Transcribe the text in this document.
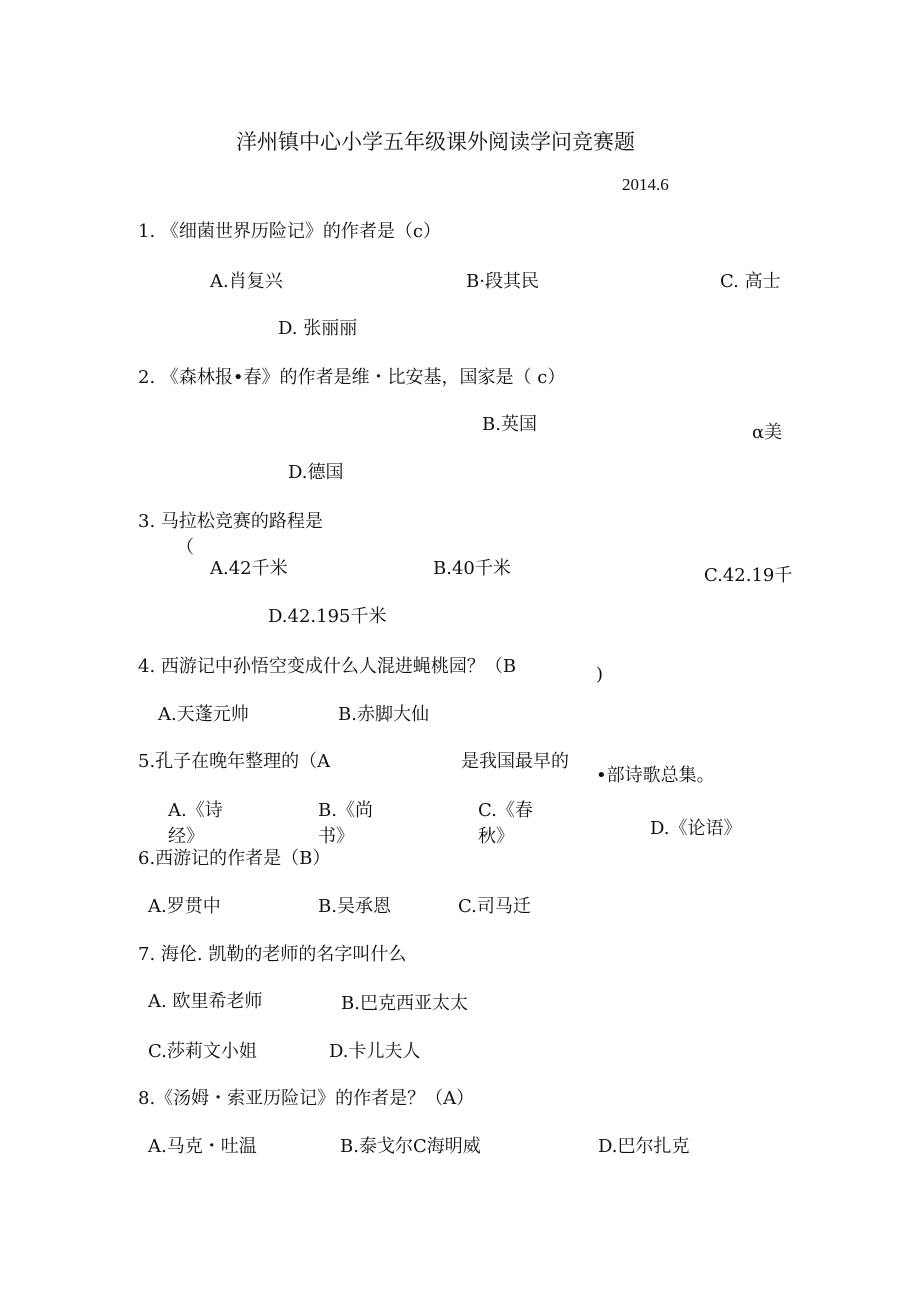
洋州镇中心小学五年级课外阅读学问竞赛题
2014.6
1. 《细菌世界历险记》的作者是（c）
A.肖复兴	B·段其民	C. 高士
D. 张丽丽
2. 《森林报•春》的作者是维・比安基，国家是（ c）
B.英国	α美
D.德国
3. 马拉松竞赛的路程是
（
A.42千米	B.40千米	C.42.19千
D.42.195千米
4. 西游记中孙悟空变成什么人混进蝇桃园？（B	)
A.天蓬元帅	B.赤脚大仙
5.孔子在晚年整理的（A	是我国最早的
•部诗歌总集。
A.《诗
经》
B.《尚
书》
C.《春
秋》	D.《论语》
6.西游记的作者是（B）
A.罗贯中	B.吴承恩	C.司马迁
7. 海伦. 凯勒的老师的名字叫什么
A. 欧里希老师	B.巴克西亚太太
C.莎莉文小姐	D.卡儿夫人
8.《汤姆・索亚历险记》的作者是？（A）
A.马克・吐温	B.泰戈尔C海明威	D.巴尔扎克
